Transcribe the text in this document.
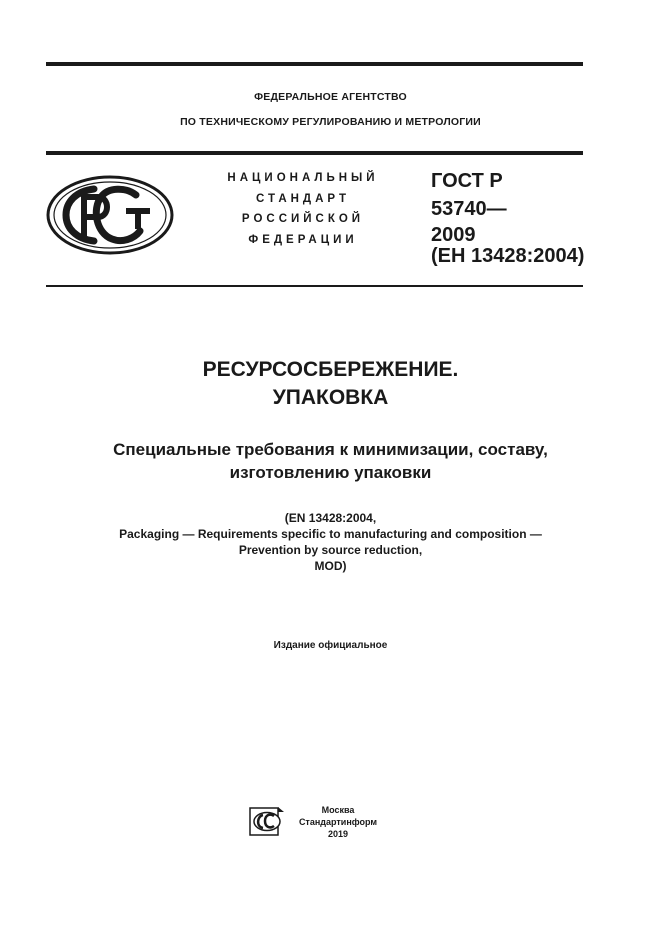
ФЕДЕРАЛЬНОЕ АГЕНТСТВО
ПО ТЕХНИЧЕСКОМУ РЕГУЛИРОВАНИЮ И МЕТРОЛОГИИ
НАЦИОНАЛЬНЫЙ
СТАНДАРТ
РОССИЙСКОЙ
ФЕДЕРАЦИИ
ГОСТ Р
53740—
2009
(ЕН 13428:2004)
РЕСУРСОСБЕРЕЖЕНИЕ.
УПАКОВКА
Специальные требования к минимизации, составу,
изготовлению упаковки
(EN 13428:2004,
Packaging — Requirements specific to manufacturing and composition —
Prevention by source reduction,
MOD)
Издание официальное
Москва
Стандартинформ
2019
